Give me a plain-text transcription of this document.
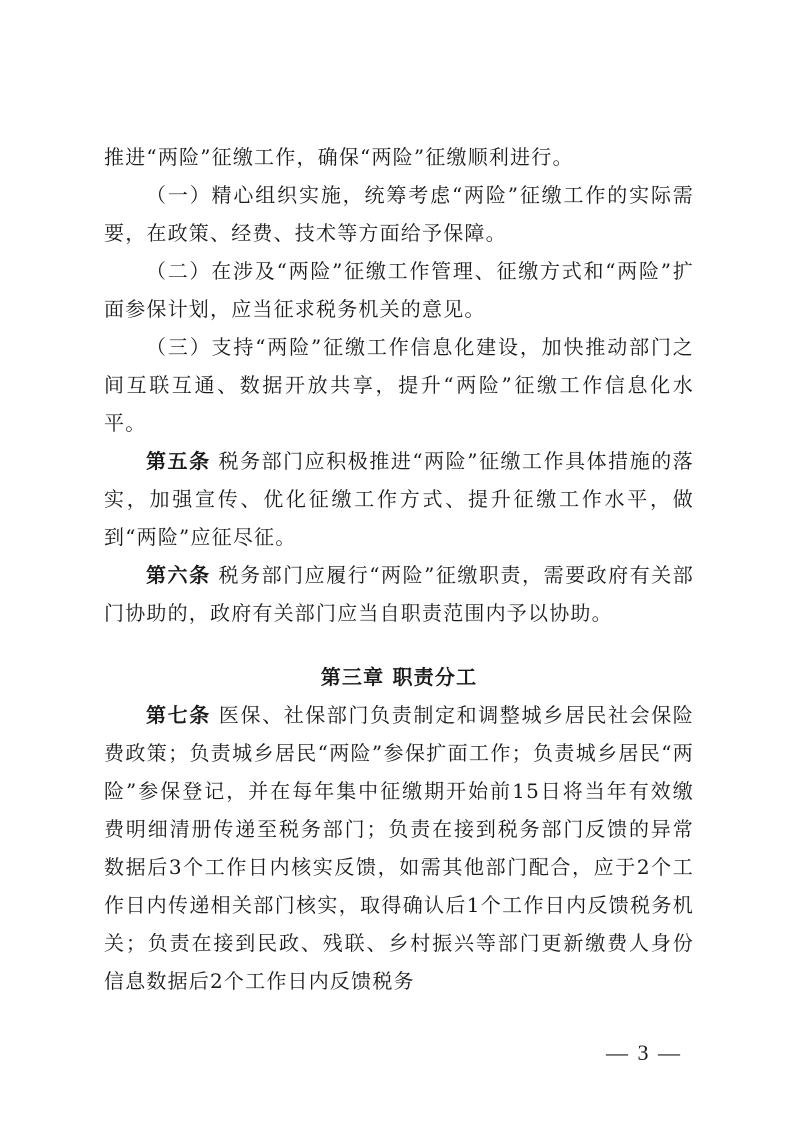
推进“两险”征缴工作，确保“两险”征缴顺利进行。

（一）精心组织实施，统筹考虑“两险”征缴工作的实际需要，在政策、经费、技术等方面给予保障。

（二）在涉及“两险”征缴工作管理、征缴方式和“两险”扩面参保计划，应当征求税务机关的意见。

（三）支持“两险”征缴工作信息化建设，加快推动部门之间互联互通、数据开放共享，提升“两险”征缴工作信息化水平。

第五条 税务部门应积极推进“两险”征缴工作具体措施的落实，加强宣传、优化征缴工作方式、提升征缴工作水平，做到“两险”应征尽征。

第六条 税务部门应履行“两险”征缴职责，需要政府有关部门协助的，政府有关部门应当自职责范围内予以协助。

第三章 职责分工

第七条 医保、社保部门负责制定和调整城乡居民社会保险费政策；负责城乡居民“两险”参保扩面工作；负责城乡居民“两险”参保登记，并在每年集中征缴期开始前15日将当年有效缴费明细清册传递至税务部门；负责在接到税务部门反馈的异常数据后3个工作日内核实反馈，如需其他部门配合，应于2个工作日内传递相关部门核实，取得确认后1个工作日内反馈税务机关；负责在接到民政、残联、乡村振兴等部门更新缴费人身份信息数据后2个工作日内反馈税务

— 3 —
